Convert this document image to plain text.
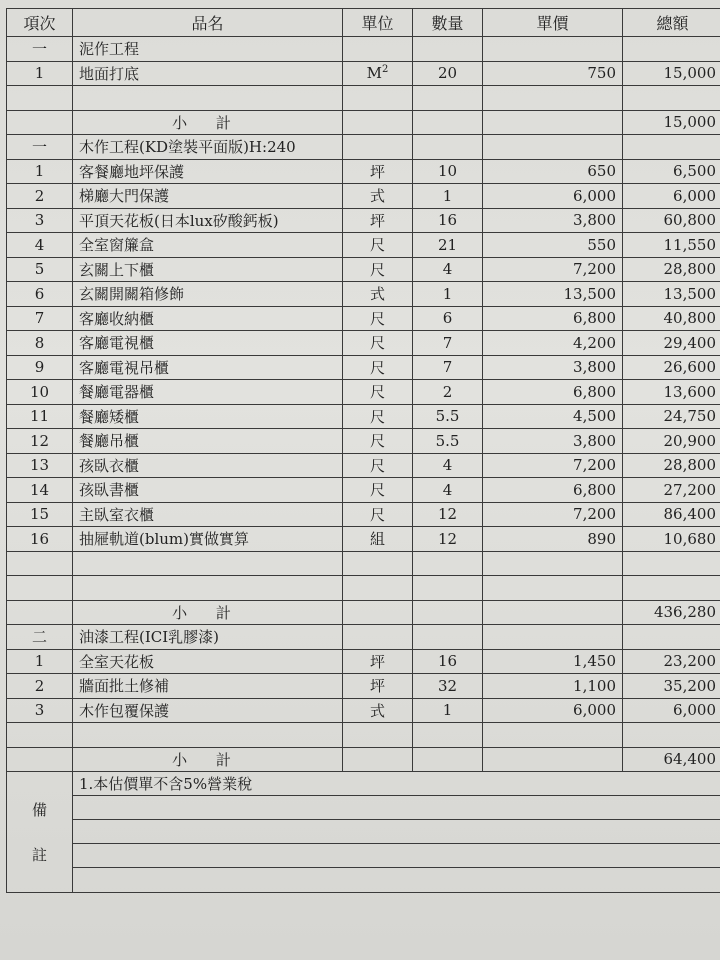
項次	品名	單位	數量	單價	總額	
一	泥作工程					
1	地面打底	$M^2$	20	750	15,000	

	小 計				15,000	
一	木作工程(KD塗裝平面版)H:240					
1	客餐廳地坪保護	坪	10	650	6,500	
2	梯廳大門保護	式	1	6,000	6,000	
3	平頂天花板(日本lux矽酸鈣板)	坪	16	3,800	60,800	
4	全室窗簾盒	尺	21	550	11,550	
5	玄關上下櫃	尺	4	7,200	28,800	
6	玄關開關箱修飾	式	1	13,500	13,500	
7	客廳收納櫃	尺	6	6,800	40,800	
8	客廳電視櫃	尺	7	4,200	29,400	
9	客廳電視吊櫃	尺	7	3,800	26,600	
10	餐廳電器櫃	尺	2	6,800	13,600	
11	餐廳矮櫃	尺	5.5	4,500	24,750	
12	餐廳吊櫃	尺	5.5	3,800	20,900	
13	孩臥衣櫃	尺	4	7,200	28,800	
14	孩臥書櫃	尺	4	6,800	27,200	
15	主臥室衣櫃	尺	12	7,200	86,400	
16	抽屜軌道(blum)實做實算	組	12	890	10,680	

	小 計				436,280	
二	油漆工程(ICI乳膠漆)					
1	全室天花板	坪	16	1,450	23,200	
2	牆面批土修補	坪	32	1,100	35,200	
3	木作包覆保護	式	1	6,000	6,000	

	小 計				64,400	

備
註	1.本估價單不含5%營業稅					
